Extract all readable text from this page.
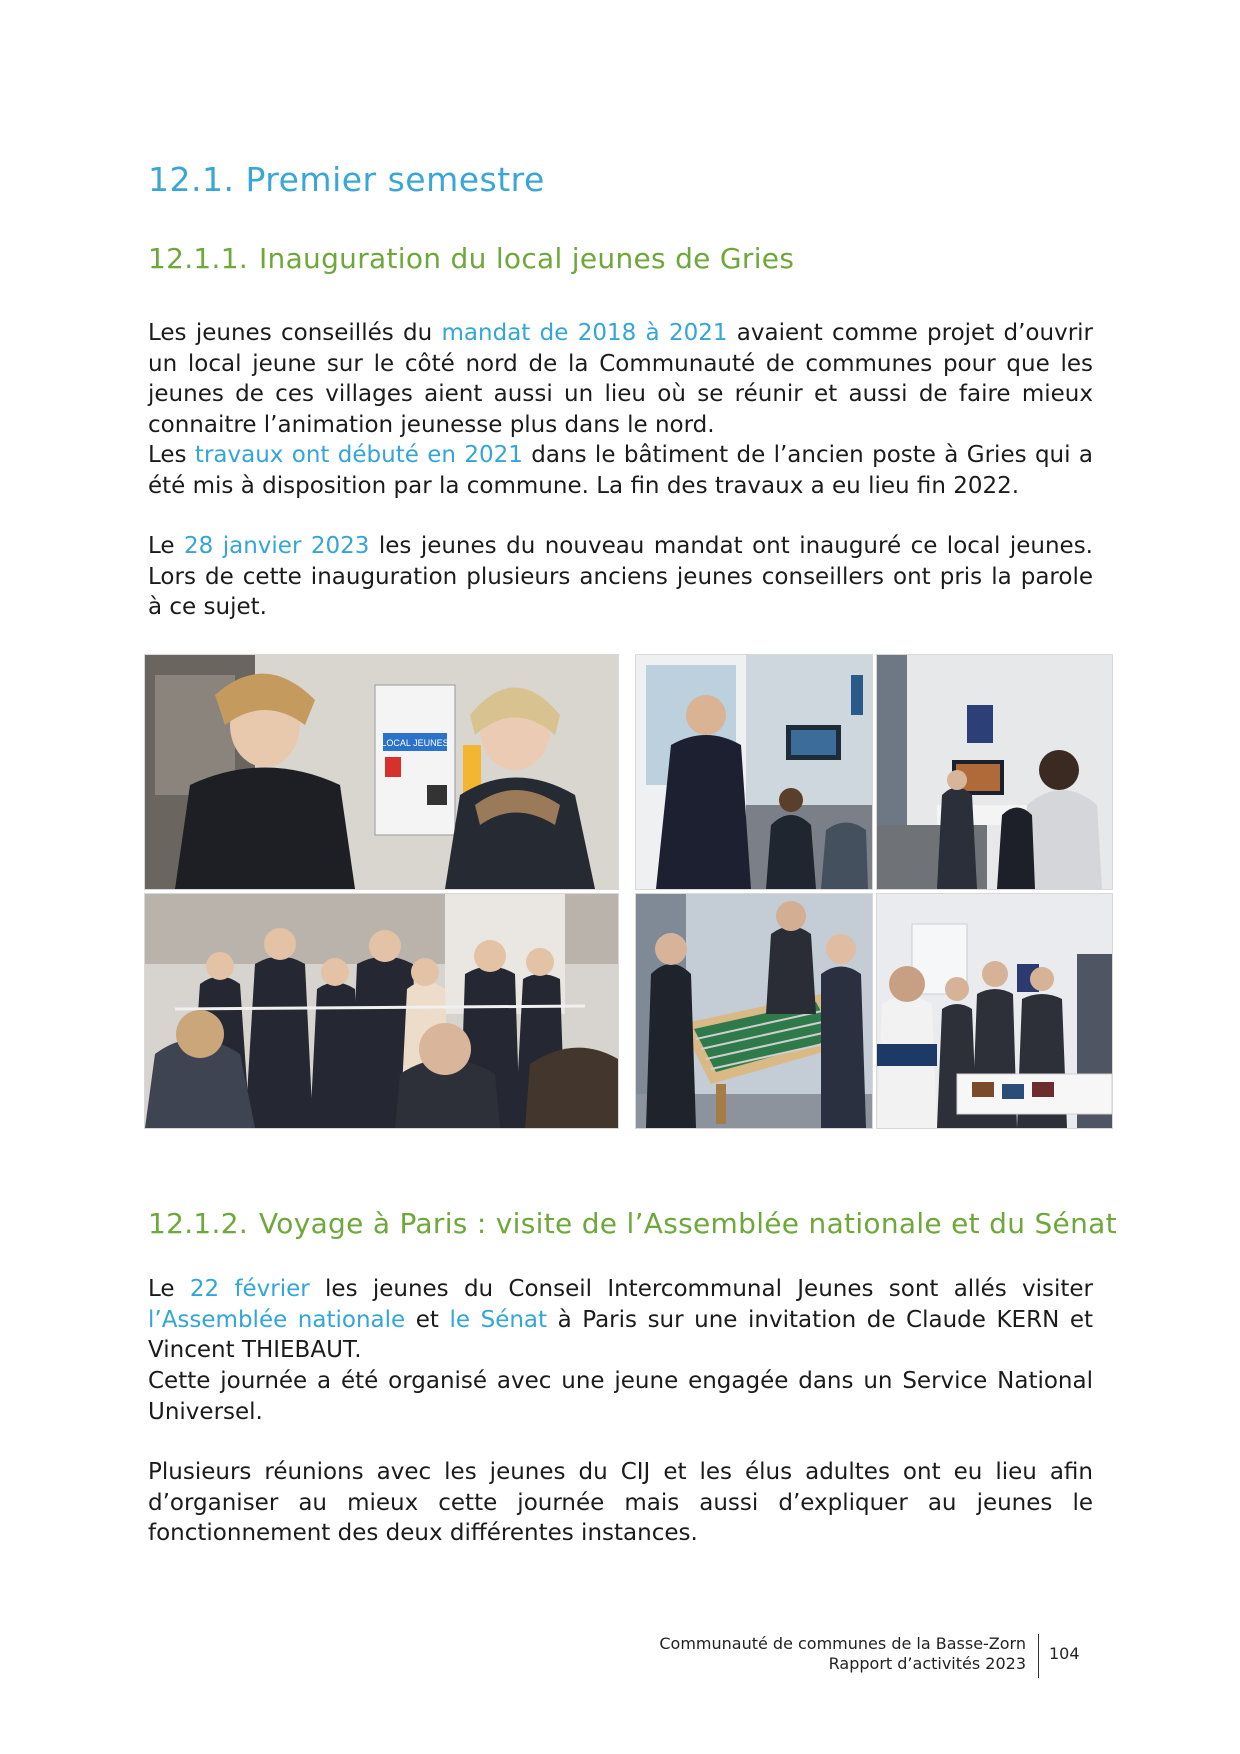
12.1. Premier semestre
12.1.1. Inauguration du local jeunes de Gries

Les jeunes conseillés du mandat de 2018 à 2021 avaient comme projet d’ouvrir un local jeune sur le côté nord de la Communauté de communes pour que les jeunes de ces villages aient aussi un lieu où se réunir et aussi de faire mieux connaitre l’animation jeunesse plus dans le nord.

Les travaux ont débuté en 2021 dans le bâtiment de l’ancien poste à Gries qui a été mis à disposition par la commune. La fin des travaux a eu lieu fin 2022.

Le 28 janvier 2023 les jeunes du nouveau mandat ont inauguré ce local jeunes. Lors de cette inauguration plusieurs anciens jeunes conseillers ont pris la parole à ce sujet.

LOCAL JEUNES
12.1.2. Voyage à Paris : visite de l’Assemblée nationale et du Sénat

Le 22 février les jeunes du Conseil Intercommunal Jeunes sont allés visiter l’Assemblée nationale et le Sénat à Paris sur une invitation de Claude KERN et Vincent THIEBAUT.

Cette journée a été organisé avec une jeune engagée dans un Service National Universel.

Plusieurs réunions avec les jeunes du CIJ et les élus adultes ont eu lieu afin d’organiser au mieux cette journée mais aussi d’expliquer au jeunes le fonctionnement des deux différentes instances.

Communauté de communes de la Basse-Zorn
Rapport d’activités 2023
104
